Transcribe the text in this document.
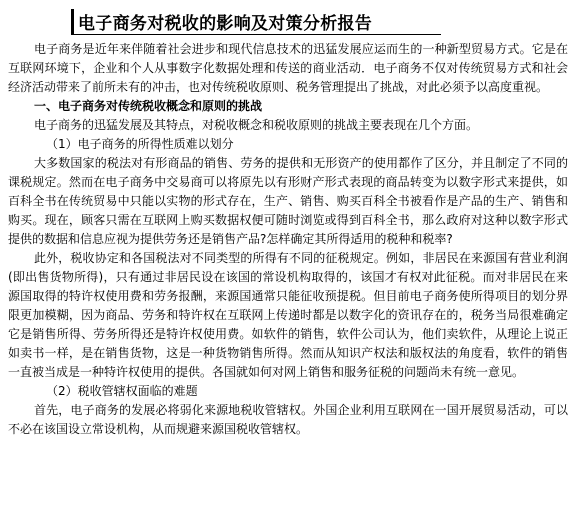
电子商务对税收的影响及对策分析报告

电子商务是近年来伴随着社会进步和现代信息技术的迅猛发展应运而生的一种新型贸易方式。它是在互联网环境下，企业和个人从事数字化数据处理和传送的商业活动．电子商务不仅对传统贸易方式和社会经济活动带来了前所未有的冲击，也对传统税收原则、税务管理提出了挑战，对此必须予以高度重视。

一、电子商务对传统税收概念和原则的挑战

电子商务的迅猛发展及其特点，对税收概念和税收原则的挑战主要表现在几个方面。

（1）电子商务的所得性质难以划分

大多数国家的税法对有形商品的销售、劳务的提供和无形资产的使用都作了区分，并且制定了不同的课税规定。然而在电子商务中交易商可以将原先以有形财产形式表现的商品转变为以数字形式来提供，如百科全书在传统贸易中只能以实物的形式存在，生产、销售、购买百科全书被看作是产品的生产、销售和购买。现在，顾客只需在互联网上购买数据权便可随时浏览或得到百科全书，那么政府对这种以数字形式提供的数据和信息应视为提供劳务还是销售产品?怎样确定其所得适用的税种和税率?

此外，税收协定和各国税法对不同类型的所得有不同的征税规定。例如，非居民在来源国有营业利润(即出售货物所得)，只有通过非居民设在该国的常设机构取得的，该国才有权对此征税。而对非居民在来源国取得的特许权使用费和劳务报酬，来源国通常只能征收预提税。但目前电子商务使所得项目的划分界限更加模糊，因为商品、劳务和特许权在互联网上传递时都是以数字化的资讯存在的，税务当局很难确定它是销售所得、劳务所得还是特许权使用费。如软件的销售，软件公司认为，他们卖软件，从理论上说正如卖书一样，是在销售货物，这是一种货物销售所得。然而从知识产权法和版权法的角度看，软件的销售一直被当成是一种特许权使用的提供。各国就如何对网上销售和服务征税的问题尚未有统一意见。

（2）税收管辖权面临的难题

首先，电子商务的发展必将弱化来源地税收管辖权。外国企业利用互联网在一国开展贸易活动，可以不必在该国设立常设机构，从而规避来源国税收管辖权。
